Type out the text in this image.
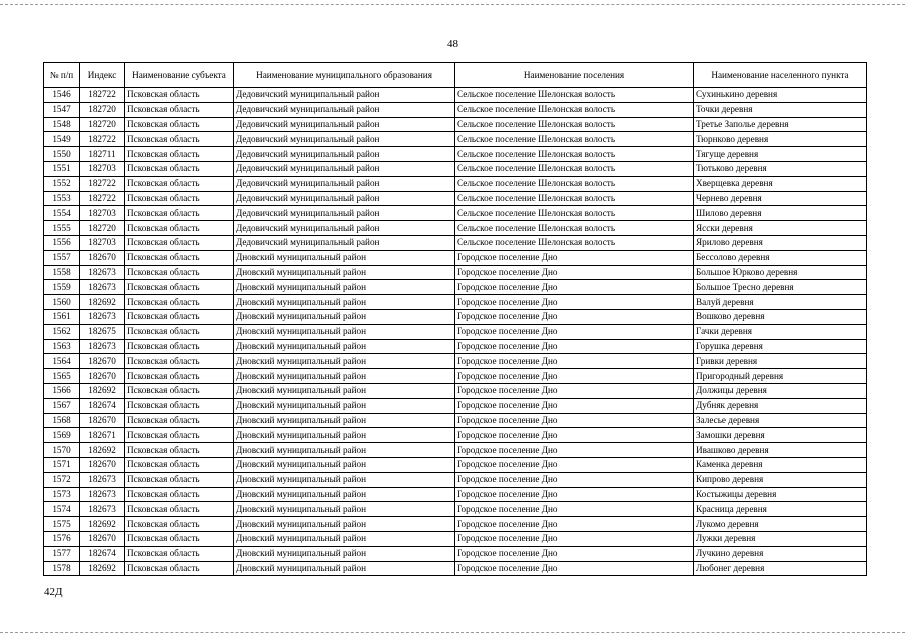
48
№ п/п	Индекс	Наименование субъекта	Наименование муниципального образования	Наименование поселения	Наименование населенного пункта
1546	182722	Псковская область	Дедовичский муниципальный район	Сельское поселение Шелонская волость	Сухинькино деревня
1547	182720	Псковская область	Дедовичский муниципальный район	Сельское поселение Шелонская волость	Точки деревня
1548	182720	Псковская область	Дедовичский муниципальный район	Сельское поселение Шелонская волость	Третье Заполье деревня
1549	182722	Псковская область	Дедовичский муниципальный район	Сельское поселение Шелонская волость	Тюрнково деревня
1550	182711	Псковская область	Дедовичский муниципальный район	Сельское поселение Шелонская волость	Тягуще деревня
1551	182703	Псковская область	Дедовичский муниципальный район	Сельское поселение Шелонская волость	Тютьково деревня
1552	182722	Псковская область	Дедовичский муниципальный район	Сельское поселение Шелонская волость	Хверщевка деревня
1553	182722	Псковская область	Дедовичский муниципальный район	Сельское поселение Шелонская волость	Чернево деревня
1554	182703	Псковская область	Дедовичский муниципальный район	Сельское поселение Шелонская волость	Шилово деревня
1555	182720	Псковская область	Дедовичский муниципальный район	Сельское поселение Шелонская волость	Ясски деревня
1556	182703	Псковская область	Дедовичский муниципальный район	Сельское поселение Шелонская волость	Ярилово деревня
1557	182670	Псковская область	Дновский муниципальный район	Городское поселение Дно	Бессолово деревня
1558	182673	Псковская область	Дновский муниципальный район	Городское поселение Дно	Большое Юрково деревня
1559	182673	Псковская область	Дновский муниципальный район	Городское поселение Дно	Большое Тресно деревня
1560	182692	Псковская область	Дновский муниципальный район	Городское поселение Дно	Валуй деревня
1561	182673	Псковская область	Дновский муниципальный район	Городское поселение Дно	Вошково деревня
1562	182675	Псковская область	Дновский муниципальный район	Городское поселение Дно	Гачки деревня
1563	182673	Псковская область	Дновский муниципальный район	Городское поселение Дно	Горушка деревня
1564	182670	Псковская область	Дновский муниципальный район	Городское поселение Дно	Гривки деревня
1565	182670	Псковская область	Дновский муниципальный район	Городское поселение Дно	Пригородный деревня
1566	182692	Псковская область	Дновский муниципальный район	Городское поселение Дно	Должицы деревня
1567	182674	Псковская область	Дновский муниципальный район	Городское поселение Дно	Дубняк деревня
1568	182670	Псковская область	Дновский муниципальный район	Городское поселение Дно	Залесье деревня
1569	182671	Псковская область	Дновский муниципальный район	Городское поселение Дно	Замошки деревня
1570	182692	Псковская область	Дновский муниципальный район	Городское поселение Дно	Ивашково деревня
1571	182670	Псковская область	Дновский муниципальный район	Городское поселение Дно	Каменка деревня
1572	182673	Псковская область	Дновский муниципальный район	Городское поселение Дно	Кипрово деревня
1573	182673	Псковская область	Дновский муниципальный район	Городское поселение Дно	Костыжицы деревня
1574	182673	Псковская область	Дновский муниципальный район	Городское поселение Дно	Красница деревня
1575	182692	Псковская область	Дновский муниципальный район	Городское поселение Дно	Лукомо деревня
1576	182670	Псковская область	Дновский муниципальный район	Городское поселение Дно	Лужки деревня
1577	182674	Псковская область	Дновский муниципальный район	Городское поселение Дно	Лучкино деревня
1578	182692	Псковская область	Дновский муниципальный район	Городское поселение Дно	Любонег деревня
42Д
